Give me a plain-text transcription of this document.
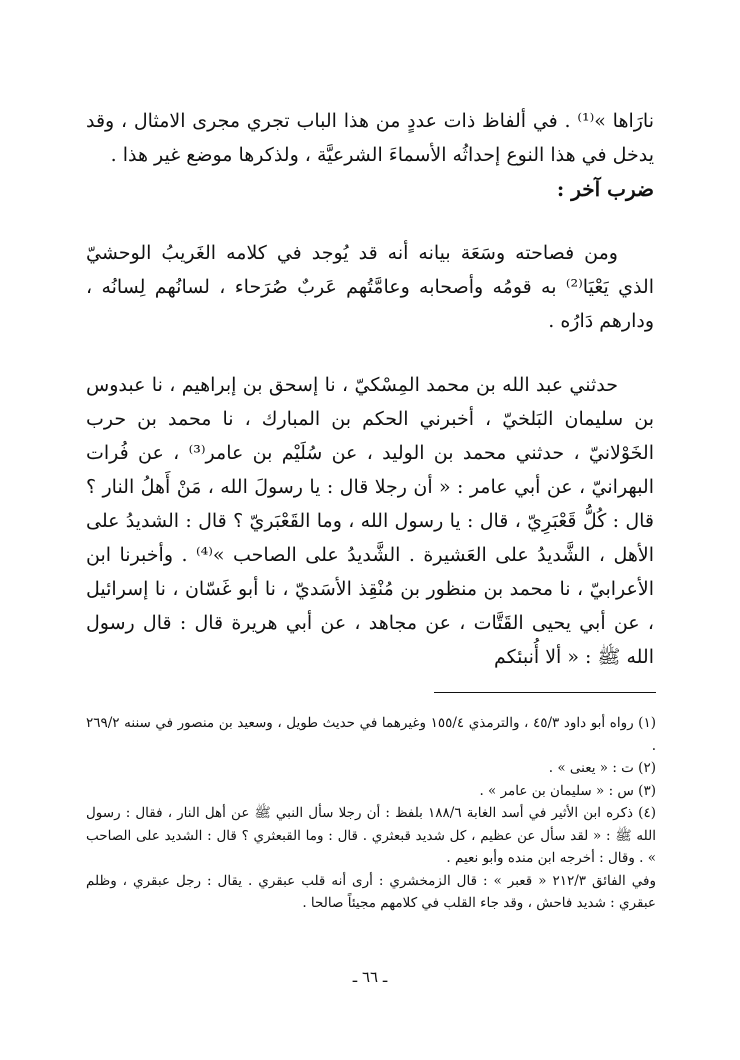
نارَاها »⁽¹⁾ . في ألفاظ ذات عددٍ من هذا الباب تجري مجرى الامثال ، وقد يدخل في هذا النوع إحداثُه الأسماءَ الشرعيَّة ، ولذكرها موضع غير هذا .

ضرب آخر :

ومن فصاحته وسَعَة بيانه أنه قد يُوجد في كلامه الغَريبُ الوحشيّ الذي يَعْيَا⁽²⁾ به قومُه وأصحابه وعامَّتُهم عَربٌ صُرَحاء ، لسانُهم لِسانُه ، ودارهم دَارُه .

حدثني عبد الله بن محمد المِسْكيّ ، نا إسحق بن إبراهيم ، نا عبدوس بن سليمان البَلخيّ ، أخبرني الحكم بن المبارك ، نا محمد بن حرب الخَوْلانيّ ، حدثني محمد بن الوليد ، عن سُلَيْم بن عامر⁽³⁾ ، عن فُرات البهرانيّ ، عن أبي عامر : « أن رجلا قال : يا رسولَ الله ، مَنْ أَهلُ النار ؟ قال : كُلُّ قَعْبَرِيّ ، قال : يا رسول الله ، وما القَعْبَريّ ؟ قال : الشديدُ على الأهل ، الشَّديدُ على العَشيرة . الشَّديدُ على الصاحب »⁽⁴⁾ . وأخبرنا ابن الأعرابيّ ، نا محمد بن منظور بن مُنْقِذ الأسَديّ ، نا أبو غَسّان ، نا إسرائيل ، عن أبي يحيى القَتَّات ، عن مجاهد ، عن أبي هريرة قال : قال رسول الله ﷺ : « ألا أُنبئكم

(١) رواه أبو داود ٤٥/٣ ، والترمذي ١٥٥/٤ وغيرهما في حديث طويل ، وسعيد بن منصور في سننه ٢٦٩/٢ .

(٢) ت : « يعنى » .

(٣) س : « سليمان بن عامر » .

(٤) ذكره ابن الأثير في أسد الغابة ١٨٨/٦ بلفظ : أن رجلا سأل النبي ﷺ عن أهل النار ، فقال : رسول الله ﷺ : « لقد سأل عن عظيم ، كل شديد قبعثري . قال : وما القبعثري ؟ قال : الشديد على الصاحب » . وقال : أخرجه ابن منده وأبو نعيم .

وفي الفائق ٢١٢/٣ « قعبر » : قال الزمخشري : أرى أنه قلب عبقري . يقال : رجل عبقري ، وظلم عبقري : شديد فاحش ، وقد جاء القلب في كلامهم مجيئاً صالحا .

ـ ٦٦ ـ
